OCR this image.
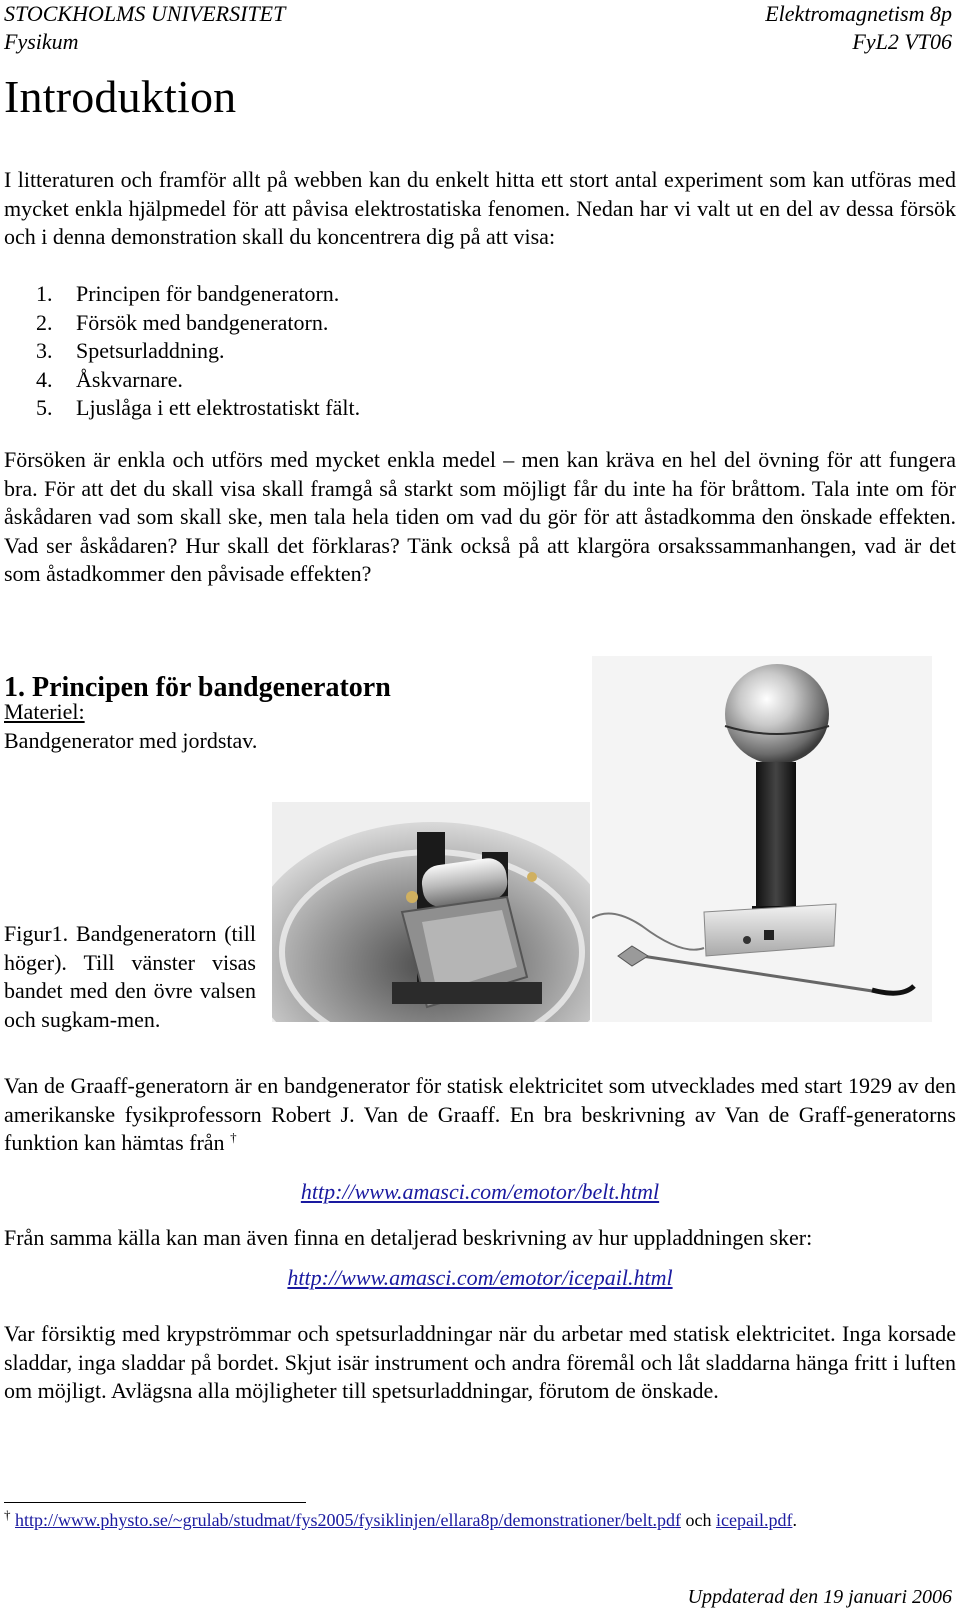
STOCKHOLMS UNIVERSITET
Fysikum
Elektromagnetism 8p
FyL2 VT06
Introduktion

I litteraturen och framför allt på webben kan du enkelt hitta ett stort antal experiment som kan utföras med mycket enkla hjälpmedel för att påvisa elektrostatiska fenomen. Nedan har vi valt ut en del av dessa försök och i denna demonstration skall du koncentrera dig på att visa:

1.	Principen för bandgeneratorn.
2.	Försök med bandgeneratorn.
3.	Spetsurladdning.
4.	Åskvarnare.
5.	Ljuslåga i ett elektrostatiskt fält.

Försöken är enkla och utförs med mycket enkla medel – men kan kräva en hel del övning för att fungera bra. För att det du skall visa skall framgå så starkt som möjligt får du inte ha för bråttom. Tala inte om för åskådaren vad som skall ske, men tala hela tiden om vad du gör för att åstadkomma den önskade effekten. Vad ser åskådaren? Hur skall det förklaras? Tänk också på att klargöra orsakssammanhangen, vad är det som åstadkommer den påvisade effekten?

1. Principen för bandgeneratorn
Materiel:
Bandgenerator med jordstav.

Figur1. Bandgeneratorn (till höger). Till vänster visas bandet med den övre valsen och sugkam-men.

Van de Graaff-generatorn är en bandgenerator för statisk elektricitet som utvecklades med start 1929 av den amerikanske fysikprofessorn Robert J. Van de Graaff. En bra beskrivning av Van de Graff-generatorns funktion kan hämtas från †

http://www.amasci.com/emotor/belt.html

Från samma källa kan man även finna en detaljerad beskrivning av hur uppladdningen sker:

http://www.amasci.com/emotor/icepail.html

Var försiktig med krypströmmar och spetsurladdningar när du arbetar med statisk elektricitet. Inga korsade sladdar, inga sladdar på bordet. Skjut isär instrument och andra föremål och låt sladdarna hänga fritt i luften om möjligt. Avlägsna alla möjligheter till spetsurladdningar, förutom de önskade.

† http://www.physto.se/~grulab/studmat/fys2005/fysiklinjen/ellara8p/demonstrationer/belt.pdf och icepail.pdf.
Uppdaterad den 19 januari 2006
